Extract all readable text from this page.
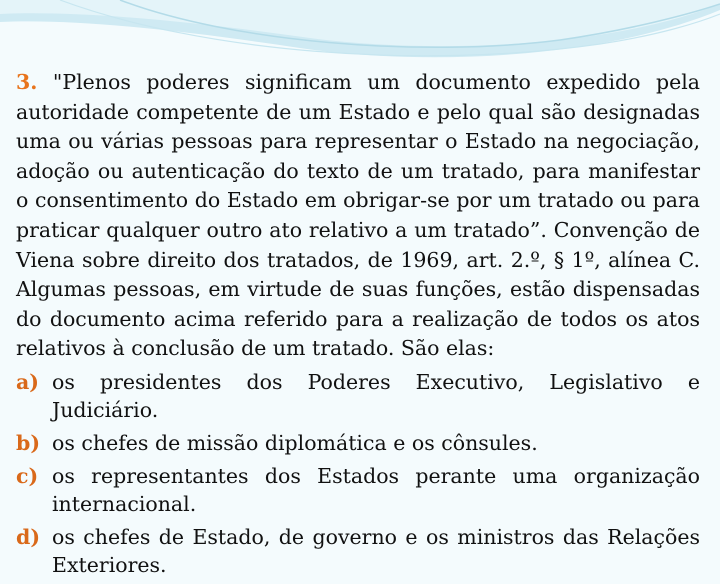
3. "Plenos poderes significam um documento expedido pela autoridade competente de um Estado e pelo qual são designadas uma ou várias pessoas para representar o Estado na negociação, adoção ou autenticação do texto de um tratado, para manifestar o consentimento do Estado em obrigar-se por um tratado ou para praticar qualquer outro ato relativo a um tratado”. Convenção de Viena sobre direito dos tratados, de 1969, art. 2.º, § 1º, alínea C. Algumas pessoas, em virtude de suas funções, estão dispensadas do documento acima referido para a realização de todos os atos relativos à conclusão de um tratado. São elas:

a) os presidentes dos Poderes Executivo, Legislativo e Judiciário.
b) os chefes de missão diplomática e os cônsules.
c) os representantes dos Estados perante uma organização internacional.
d) os chefes de Estado, de governo e os ministros das Relações Exteriores.
